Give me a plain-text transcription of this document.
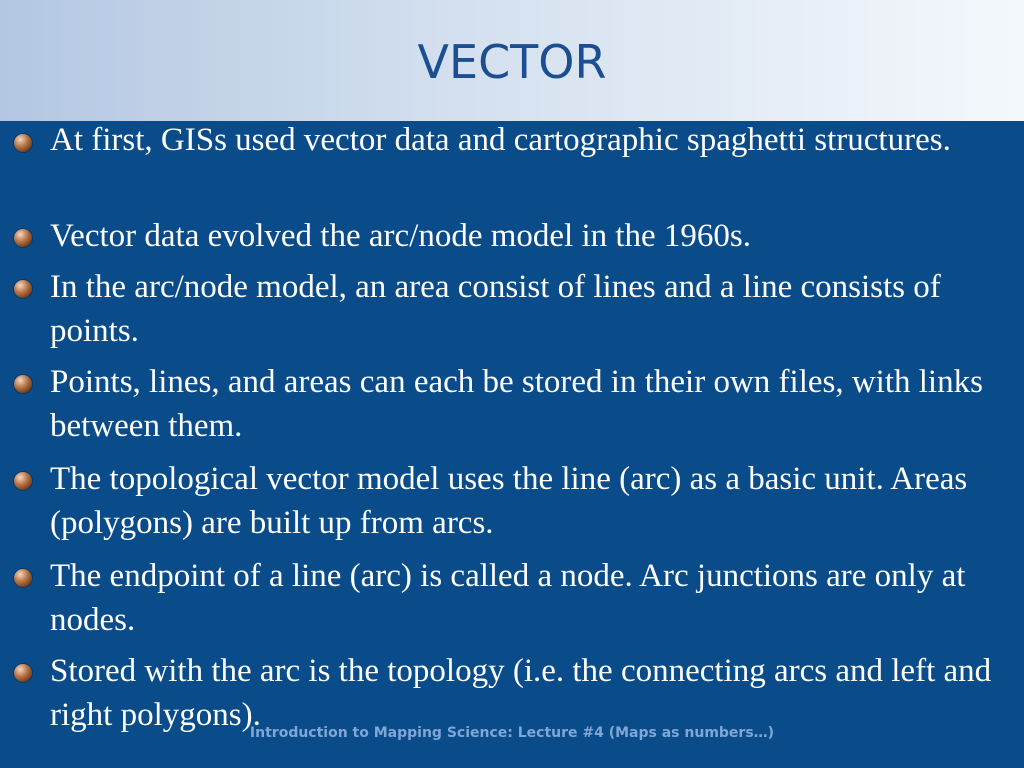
VECTOR
At first, GISs used vector data and cartographic spaghetti structures.
Vector data evolved the arc/node model in the 1960s.
In the arc/node model, an area consist of lines and a line consists of points.
Points, lines, and areas can each be stored in their own files, with links between them.
The topological vector model uses the line (arc) as a basic unit. Areas (polygons) are built up from arcs.
The endpoint of a line (arc) is called a node. Arc junctions are only at nodes.
Stored with the arc is the topology (i.e. the connecting arcs and left and right polygons).
Introduction to Mapping Science: Lecture #4 (Maps as numbers…)
